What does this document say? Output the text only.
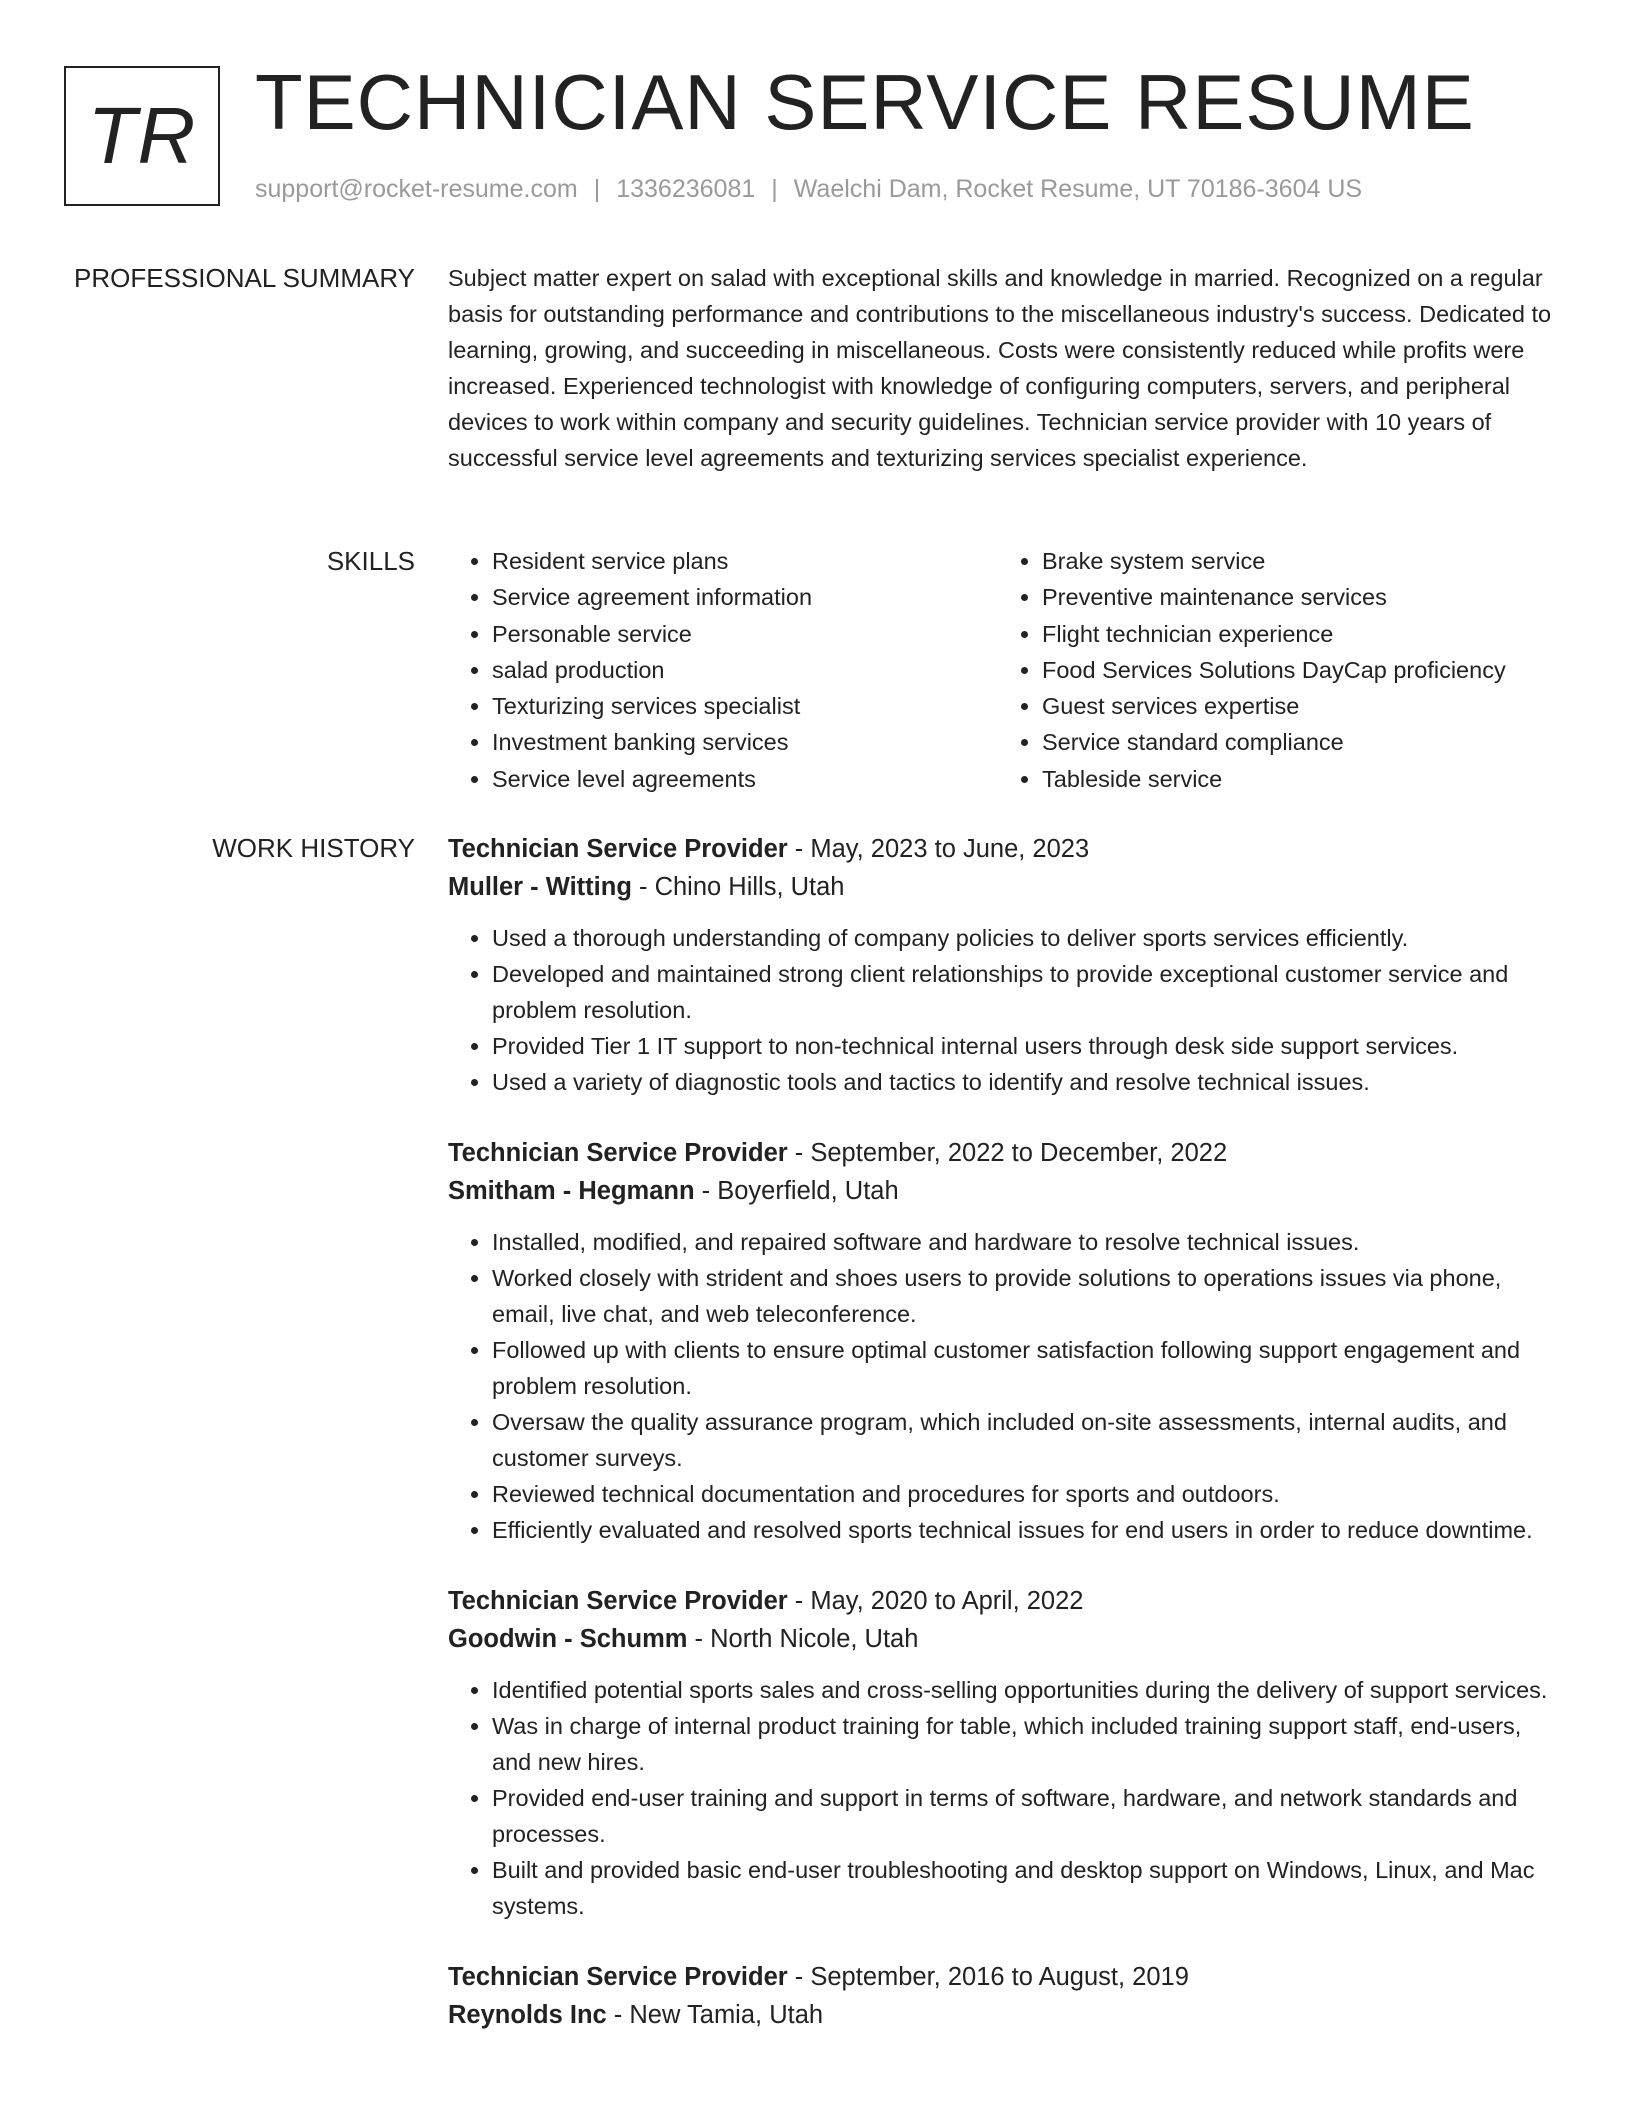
TR TECHNICIAN SERVICE RESUME
support@rocket-resume.com | 1336236081 | Waelchi Dam, Rocket Resume, UT 70186-3604 US
PROFESSIONAL SUMMARY Subject matter expert on salad with exceptional skills and knowledge in married. Recognized on a regular basis for outstanding performance and contributions to the miscellaneous industry's success. Dedicated to learning, growing, and succeeding in miscellaneous. Costs were consistently reduced while profits were increased. Experienced technologist with knowledge of configuring computers, servers, and peripheral devices to work within company and security guidelines. Technician service provider with 10 years of successful service level agreements and texturizing services specialist experience.

SKILLS
•	Resident service plans
• Service agreement information
• Personable service
• salad production
• Texturizing services specialist
• Investment banking services
• Service level agreements
• Brake system service
• Preventive maintenance services
• Flight technician experience
• Food Services Solutions DayCap proficiency
• Guest services expertise
• Service standard compliance
• Tableside service
WORK HISTORY Technician Service Provider - May, 2023 to June, 2023
Muller - Witting - Chino Hills, Utah
• Used a thorough understanding of company policies to deliver sports services efficiently.
• Developed and maintained strong client relationships to provide exceptional customer service and problem resolution.
• Provided Tier 1 IT support to non-technical internal users through desk side support services.
• Used a variety of diagnostic tools and tactics to identify and resolve technical issues.
Technician Service Provider - September, 2022 to December, 2022
Smitham - Hegmann - Boyerfield, Utah
• Installed, modified, and repaired software and hardware to resolve technical issues.
• Worked closely with strident and shoes users to provide solutions to operations issues via phone, email, live chat, and web teleconference.
• Followed up with clients to ensure optimal customer satisfaction following support engagement and problem resolution.
• Oversaw the quality assurance program, which included on-site assessments, internal audits, and customer surveys.
• Reviewed technical documentation and procedures for sports and outdoors.
• Efficiently evaluated and resolved sports technical issues for end users in order to reduce downtime.
Technician Service Provider - May, 2020 to April, 2022
Goodwin - Schumm - North Nicole, Utah
• Identified potential sports sales and cross-selling opportunities during the delivery of support services.
• Was in charge of internal product training for table, which included training support staff, end-users, and new hires.
• Provided end-user training and support in terms of software, hardware, and network standards and processes.
• Built and provided basic end-user troubleshooting and desktop support on Windows, Linux, and Mac systems.
Technician Service Provider - September, 2016 to August, 2019
Reynolds Inc - New Tamia, Utah
